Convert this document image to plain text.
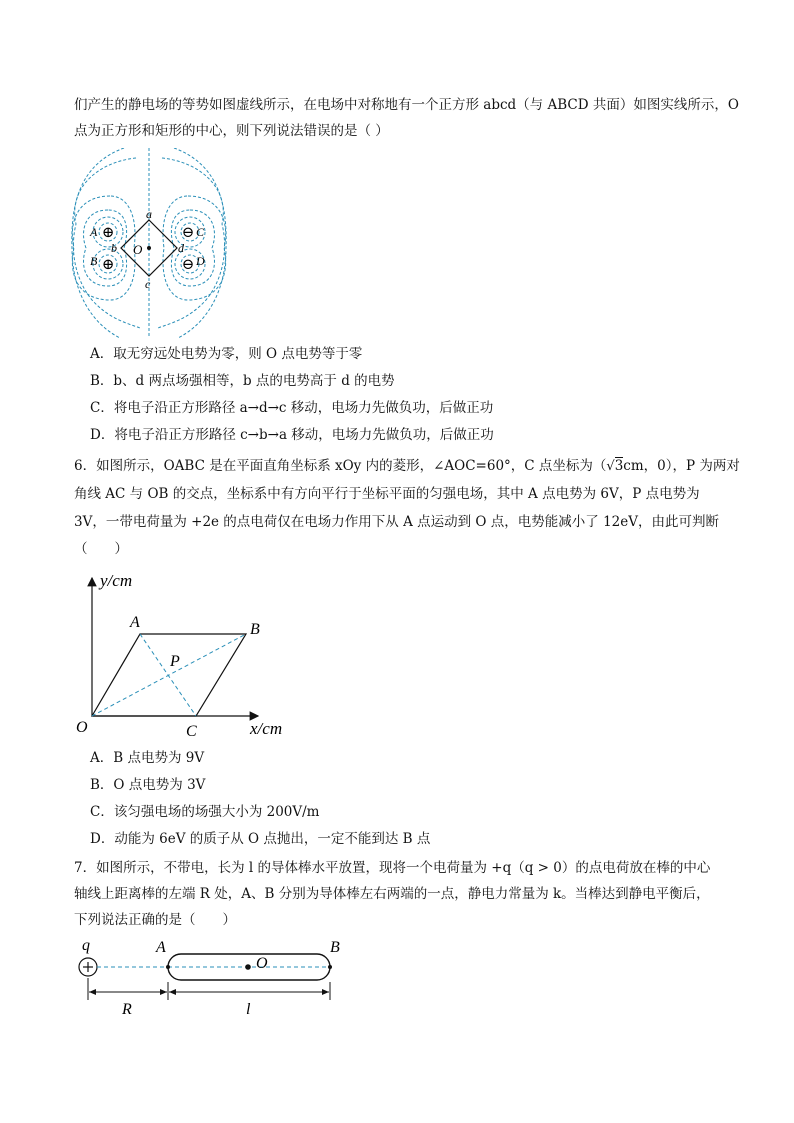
们产生的静电场的等势如图虚线所示，在电场中对称地有一个正方形 abcd（与 ABCD 共面）如图实线所示，O
点为正方形和矩形的中心，则下列说法错误的是（ ）
⊕
⊕
⊖
⊖
a
b
c
d
O
A
B
C
D
A．取无穷远处电势为零，则 O 点电势等于零
B．b、d 两点场强相等，b 点的电势高于 d 的电势
C．将电子沿正方形路径 a→d→c 移动，电场力先做负功，后做正功
D．将电子沿正方形路径 c→b→a 移动，电场力先做负功，后做正功
6．如图所示，OABC 是在平面直角坐标系 xOy 内的菱形，∠AOC=60°，C 点坐标为（√3cm，0），P 为两对
角线 AC 与 OB 的交点，坐标系中有方向平行于坐标平面的匀强电场，其中 A 点电势为 6V，P 点电势为
3V，一带电荷量为 +2e 的点电荷仅在电场力作用下从 A 点运动到 O 点，电势能减小了 12eV，由此可判断
（　　）
y/cm
x/cm
A	B
C
O
P
A．B 点电势为 9V
B．O 点电势为 3V
C．该匀强电场的场强大小为 200V/m
D．动能为 6eV 的质子从 O 点抛出，一定不能到达 B 点
7．如图所示，不带电，长为 l 的导体棒水平放置，现将一个电荷量为 +q（q > 0）的点电荷放在棒的中心
轴线上距离棒的左端 R 处，A、B 分别为导体棒左右两端的一点，静电力常量为 k。当棒达到静电平衡后，
下列说法正确的是（　　）
q	A	B
O
R	l
